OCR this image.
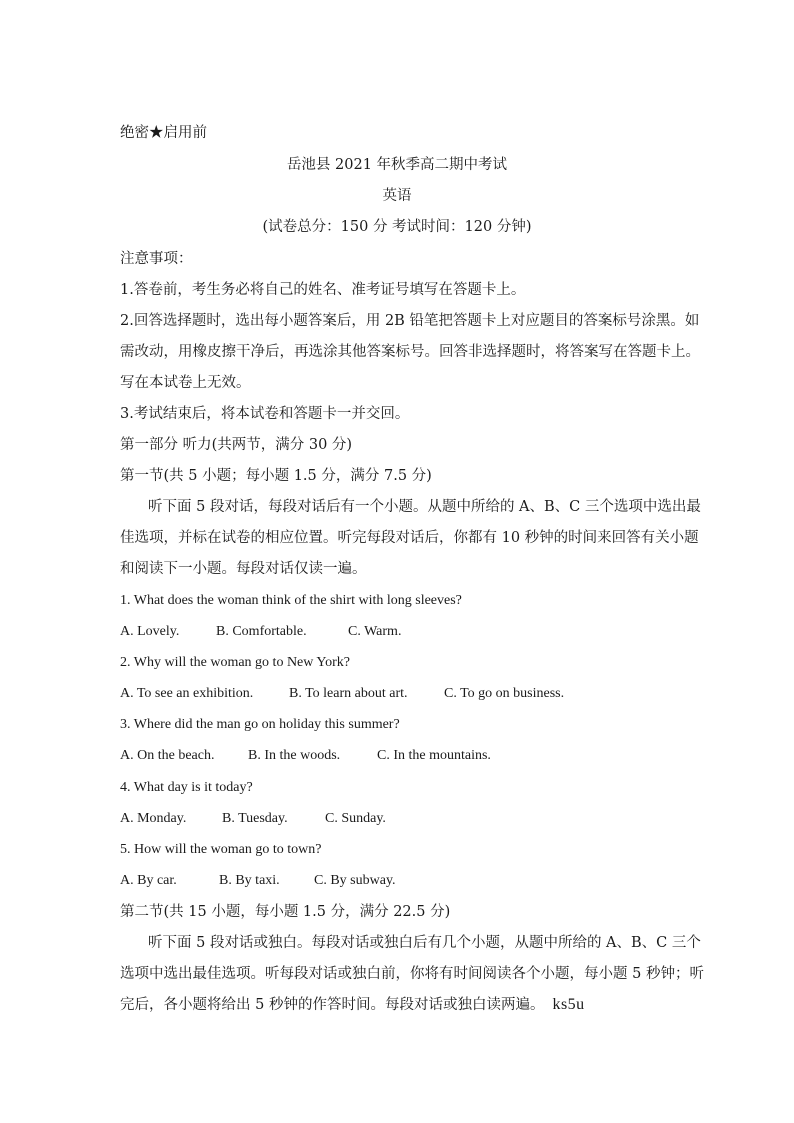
绝密★启用前
岳池县 2021 年秋季高二期中考试
英语
(试卷总分：150 分 考试时间：120 分钟)
注意事项：
1.答卷前，考生务必将自己的姓名、准考证号填写在答题卡上。
2.回答选择题时，选出每小题答案后，用 2B 铅笔把答题卡上对应题目的答案标号涂黑。如
需改动，用橡皮擦干净后，再选涂其他答案标号。回答非选择题时，将答案写在答题卡上。
写在本试卷上无效。
3.考试结束后，将本试卷和答题卡一并交回。
第一部分 听力(共两节，满分 30 分)
第一节(共 5 小题；每小题 1.5 分，满分 7.5 分)
听下面 5 段对话，每段对话后有一个小题。从题中所给的 A、B、C 三个选项中选出最
佳选项，并标在试卷的相应位置。听完每段对话后，你都有 10 秒钟的时间来回答有关小题
和阅读下一小题。每段对话仅读一遍。
1. What does the woman think of the shirt with long sleeves?
A. Lovely.	B. Comfortable.	C. Warm.
2. Why will the woman go to New York?
A. To see an exhibition.	B. To learn about art.	C. To go on business.
3. Where did the man go on holiday this summer?
A. On the beach. B. In the woods.	C. In the mountains.
4. What day is it today?
A. Monday.	B. Tuesday.	C. Sunday.
5. How will the woman go to town?
A. By car.	B. By taxi. C. By subway.
第二节(共 15 小题，每小题 1.5 分，满分 22.5 分)
听下面 5 段对话或独白。每段对话或独白后有几个小题，从题中所给的 A、B、C 三个
选项中选出最佳选项。听每段对话或独白前，你将有时间阅读各个小题，每小题 5 秒钟；听
完后，各小题将给出 5 秒钟的作答时间。每段对话或独白读两遍。 ks5u
